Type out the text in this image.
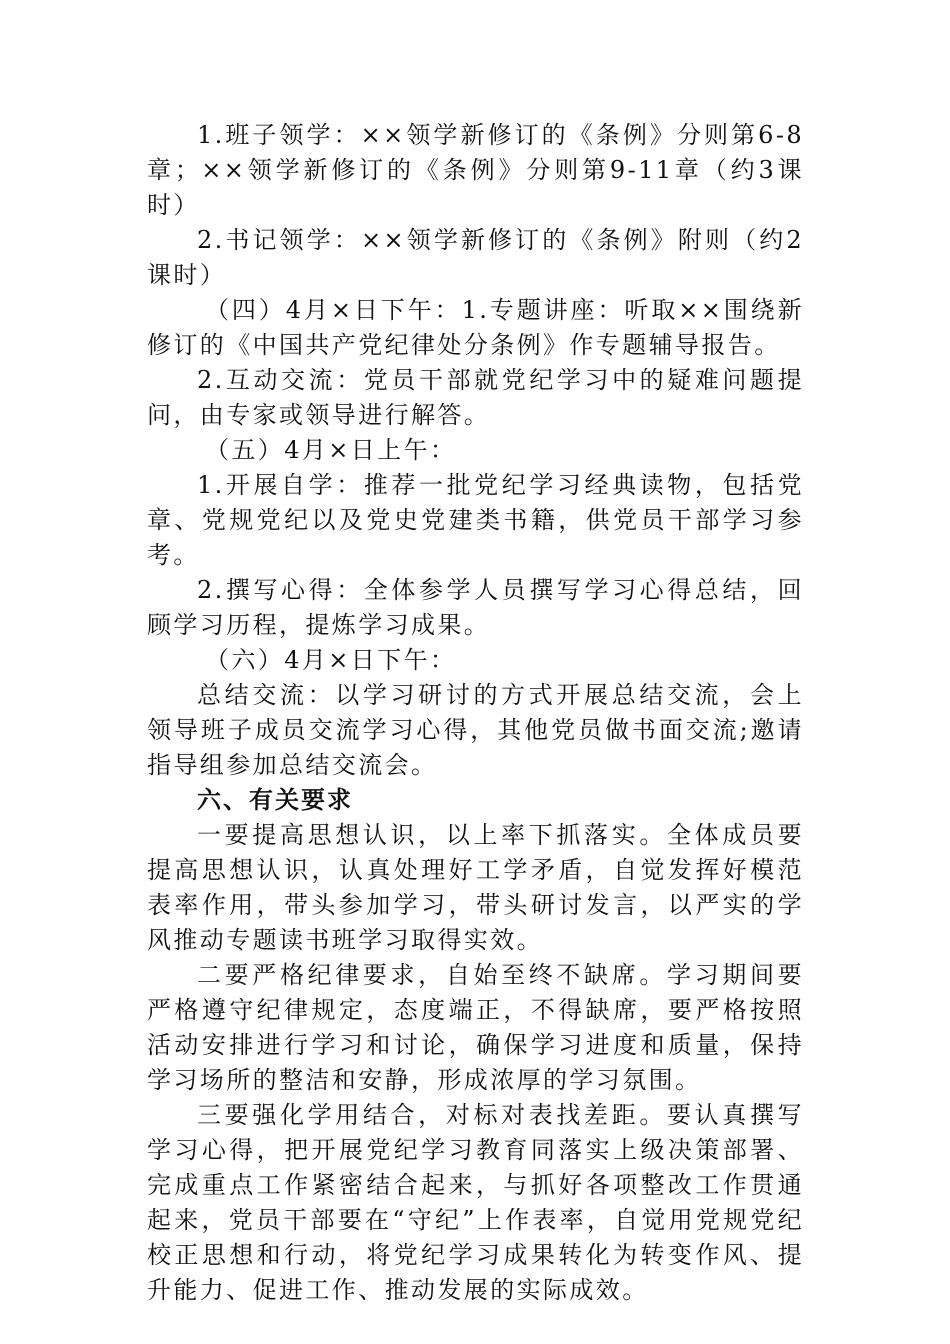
1.班子领学：××领学新修订的《条例》分则第6-8章；××领学新修订的《条例》分则第9-11章（约3课时）

2.书记领学：××领学新修订的《条例》附则（约2课时）

（四）4月×日下午：1.专题讲座：听取××围绕新修订的《中国共产党纪律处分条例》作专题辅导报告。

2.互动交流：党员干部就党纪学习中的疑难问题提问，由专家或领导进行解答。

（五）4月×日上午：

1.开展自学：推荐一批党纪学习经典读物，包括党章、党规党纪以及党史党建类书籍，供党员干部学习参考。

2.撰写心得：全体参学人员撰写学习心得总结，回顾学习历程，提炼学习成果。

（六）4月×日下午：

总结交流：以学习研讨的方式开展总结交流，会上领导班子成员交流学习心得，其他党员做书面交流;邀请指导组参加总结交流会。

六、有关要求

一要提高思想认识，以上率下抓落实。全体成员要提高思想认识，认真处理好工学矛盾，自觉发挥好模范表率作用，带头参加学习，带头研讨发言，以严实的学风推动专题读书班学习取得实效。

二要严格纪律要求，自始至终不缺席。学习期间要严格遵守纪律规定，态度端正，不得缺席，要严格按照活动安排进行学习和讨论，确保学习进度和质量，保持学习场所的整洁和安静，形成浓厚的学习氛围。

三要强化学用结合，对标对表找差距。要认真撰写学习心得，把开展党纪学习教育同落实上级决策部署、完成重点工作紧密结合起来，与抓好各项整改工作贯通起来，党员干部要在“守纪”上作表率，自觉用党规党纪校正思想和行动，将党纪学习成果转化为转变作风、提升能力、促进工作、推动发展的实际成效。
